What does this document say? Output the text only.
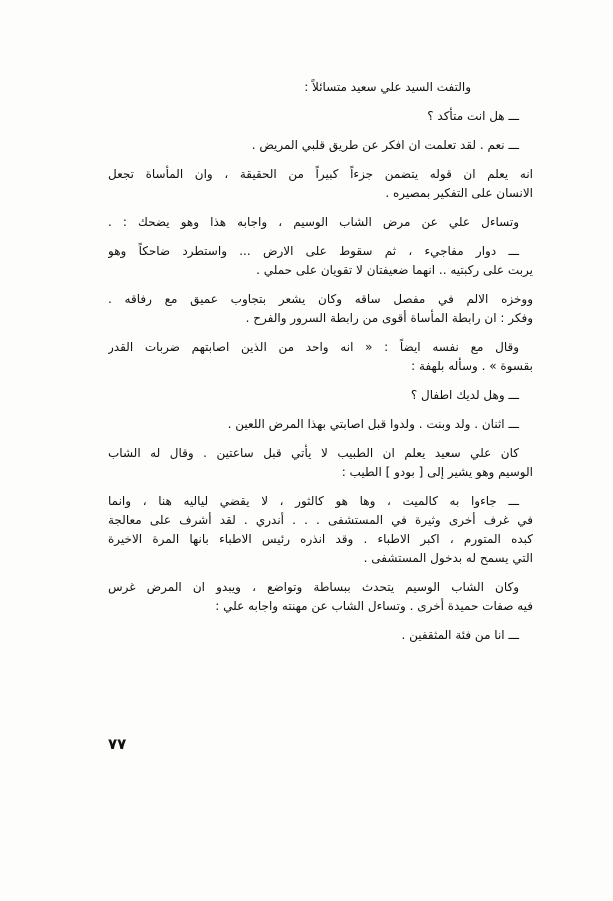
والتفت السيد علي سعيد متسائلاً :
ـــ هل انت متأكد ؟
ـــ نعم . لقد تعلمت ان افكر عن طريق قلبي المريض .
انه يعلم ان قوله يتضمن جزءاً كبيراً من الحقيقة ، وان المأساة تجعل
الانسان على التفكير بمصيره .
وتساءل علي عن مرض الشاب الوسيم ، واجابه هذا وهو يضحك : .
ـــ دوار مفاجيء ، ثم سقوط على الارض ... واستطرد ضاحكاً وهو
يربت على ركبتيه .. انهما ضعيفتان لا تقويان على حملي .
ووخزه الالم في مفصل ساقه وكان يشعر بتجاوب عميق مع رفاقه .
وفكر : ان رابطة المأساة أقوى من رابطة السرور والفرح .
وقال مع نفسه ايضاً : « انه واحد من الذين اصابتهم ضربات القدر
بقسوة » . وسأله بلهفة :
ـــ وهل لديك اطفال ؟
ـــ اثنان . ولد وبنت . ولدوا قبل اصابتي بهذا المرض اللعين .
كان علي سعيد يعلم ان الطبيب لا يأتي قبل ساعتين . وقال له الشاب
الوسيم وهو يشير إلى [ بودو ] الطيب :
ـــ جاءوا به كالميت ، وها هو كالثور ، لا يقضي لياليه هنا ، وانما
في غرف أخرى وثيرة في المستشفى . . . أندري . لقد أشرف على معالجة
كبده المتورم ، اكبر الاطباء . وقد انذره رئيس الاطباء بانها المرة الاخيرة
التي يسمح له بدخول المستشفى .
وكان الشاب الوسيم يتحدث ببساطة وتواضع ، ويبدو ان المرض غرس
فيه صفات حميدة أخرى . وتساءل الشاب عن مهنته واجابه علي :
ـــ انا من فئة المثقفين .
٧٧
